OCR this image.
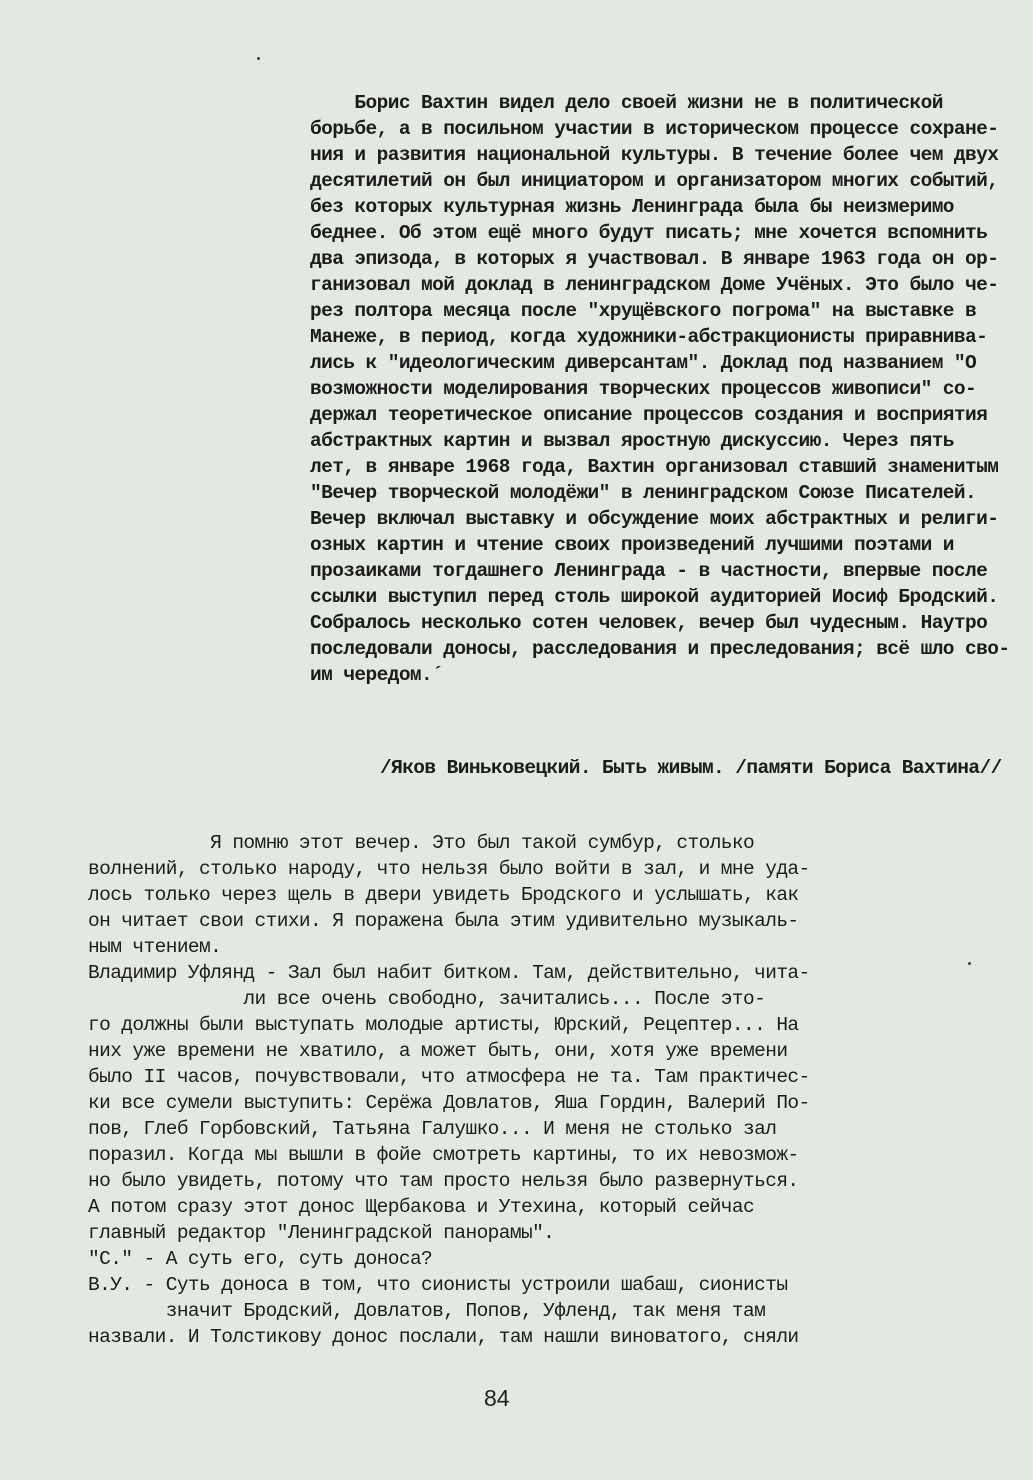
Борис Вахтин видел дело своей жизни не в политической
борьбе, а в посильном участии в историческом процессе сохране-
ния и развития национальной культуры. В течение более чем двух
десятилетий он был инициатором и организатором многих событий,
без которых культурная жизнь Ленинграда была бы неизмеримо
беднее. Об этом ещё много будут писать; мне хочется вспомнить
два эпизода, в которых я участвовал. В январе 1963 года он ор-
ганизовал мой доклад в ленинградском Доме Учёных. Это было че-
рез полтора месяца после "хрущёвского погрома" на выставке в
Манеже, в период, когда художники-абстракционисты приравнива-
лись к "идеологическим диверсантам". Доклад под названием "О
возможности моделирования творческих процессов живописи" со-
держал теоретическое описание процессов создания и восприятия
абстрактных картин и вызвал яростную дискуссию. Через пять
лет, в январе 1968 года, Вахтин организовал ставший знаменитым
"Вечер творческой молодёжи" в ленинградском Союзе Писателей.
Вечер включал выставку и обсуждение моих абстрактных и религи-
озных картин и чтение своих произведений лучшими поэтами и
прозаиками тогдашнего Ленинграда - в частности, впервые после
ссылки выступил перед столь широкой аудиторией Иосиф Бродский.
Собралось несколько сотен человек, вечер был чудесным. Наутро
последовали доносы, расследования и преследования; всё шло сво-
им чередом.´
/Яков Виньковецкий. Быть живым. /памяти Бориса Вахтина//
Я помню этот вечер. Это был такой сумбур, столько
волнений, столько народу, что нельзя было войти в зал, и мне уда-
лось только через щель в двери увидеть Бродского и услышать, как
он читает свои стихи. Я поражена была этим удивительно музыкаль-
ным чтением.
Владимир Уфлянд - Зал был набит битком. Там, действительно, чита-
ли все очень свободно, зачитались... После это-
го должны были выступать молодые артисты, Юрский, Рецептер... На
них уже времени не хватило, а может быть, они, хотя уже времени
было II часов, почувствовали, что атмосфера не та. Там практичес-
ки все сумели выступить: Серёжа Довлатов, Яша Гордин, Валерий По-
пов, Глеб Горбовский, Татьяна Галушко... И меня не столько зал
поразил. Когда мы вышли в фойе смотреть картины, то их невозмож-
но было увидеть, потому что там просто нельзя было развернуться.
А потом сразу этот донос Щербакова и Утехина, который сейчас
главный редактор "Ленинградской панорамы".
"С." - А суть его, суть доноса?
В.У. - Суть доноса в том, что сионисты устроили шабаш, сионисты
значит Бродский, Довлатов, Попов, Уфленд, так меня там
назвали. И Толстикову донос послали, там нашли виноватого, сняли
84
